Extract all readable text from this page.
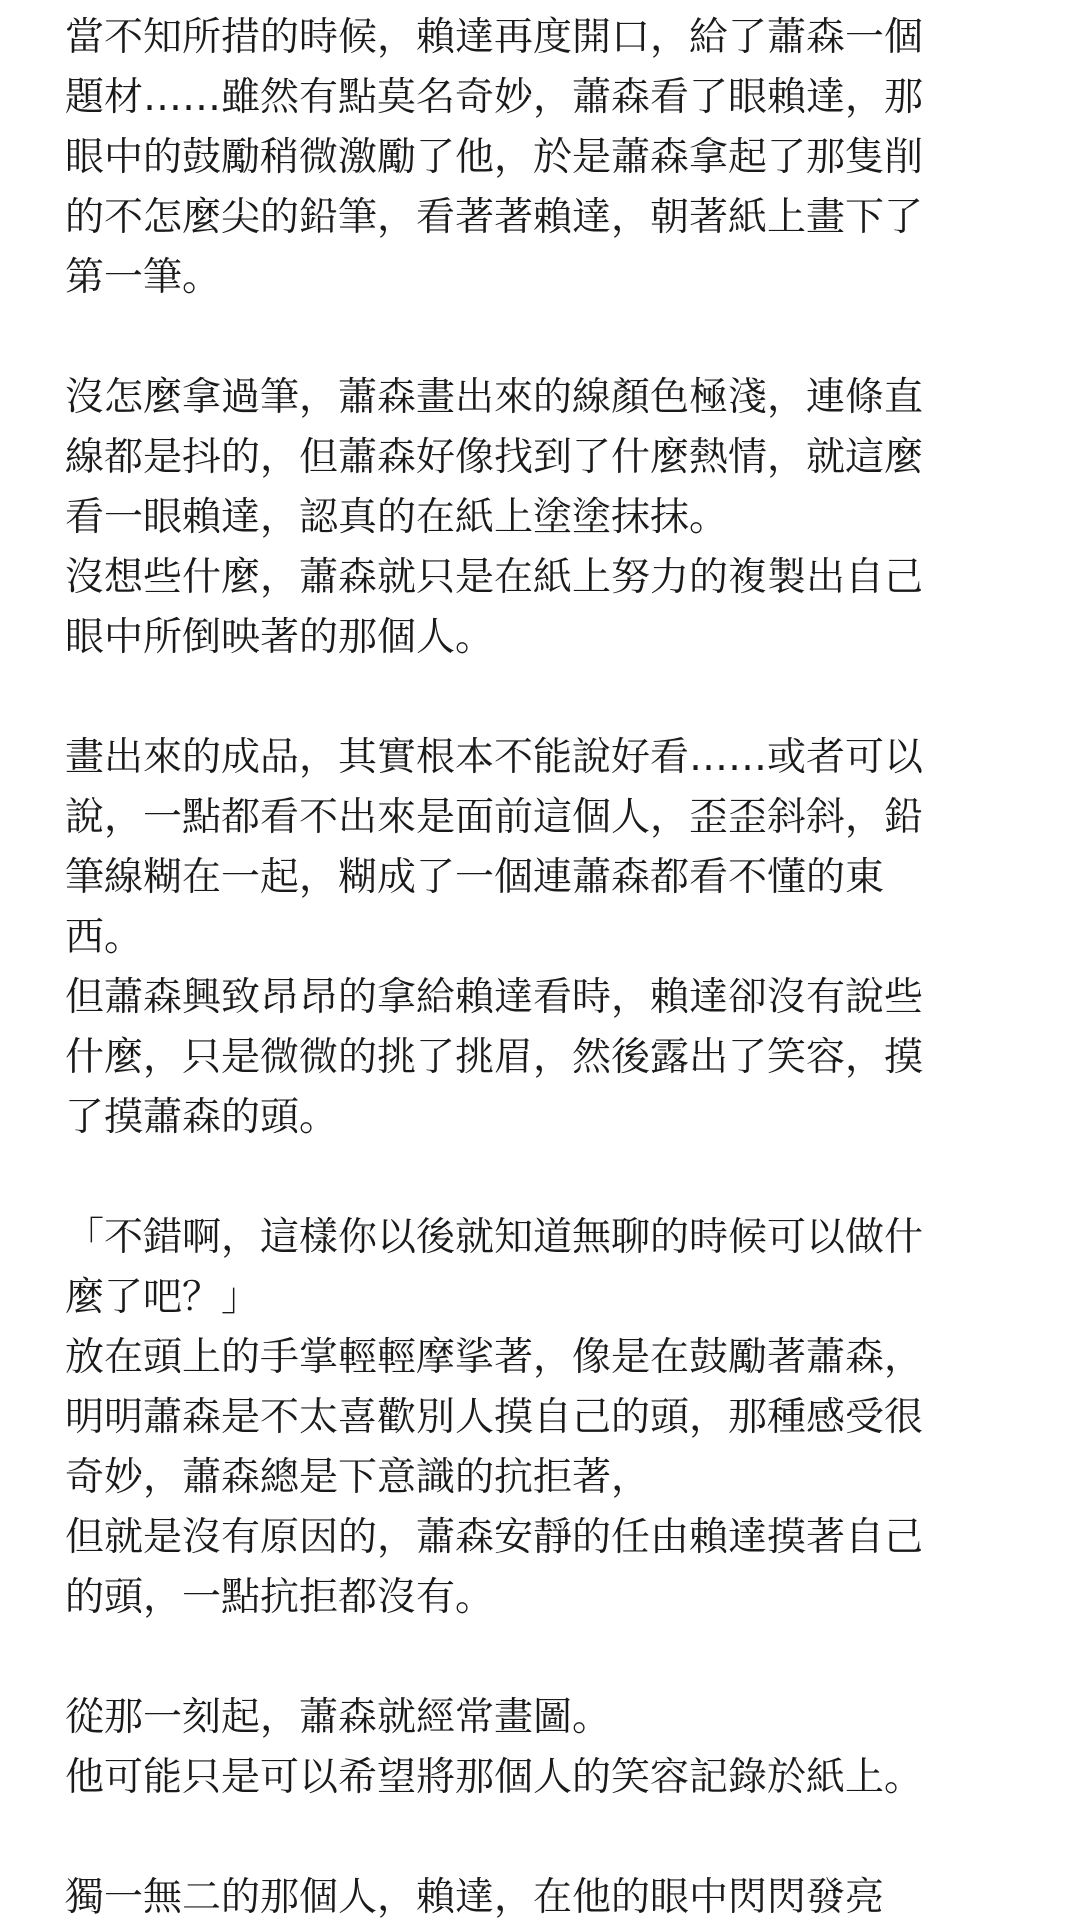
當不知所措的時候，賴達再度開口，給了蕭森一個
題材……雖然有點莫名奇妙，蕭森看了眼賴達，那
眼中的鼓勵稍微激勵了他，於是蕭森拿起了那隻削
的不怎麼尖的鉛筆，看著著賴達，朝著紙上畫下了
第一筆。
沒怎麼拿過筆，蕭森畫出來的線顏色極淺，連條直
線都是抖的，但蕭森好像找到了什麼熱情，就這麼
看一眼賴達，認真的在紙上塗塗抹抹。
沒想些什麼，蕭森就只是在紙上努力的複製出自己
眼中所倒映著的那個人。
畫出來的成品，其實根本不能說好看……或者可以
說，一點都看不出來是面前這個人，歪歪斜斜，鉛
筆線糊在一起，糊成了一個連蕭森都看不懂的東
西。
但蕭森興致昂昂的拿給賴達看時，賴達卻沒有說些
什麼，只是微微的挑了挑眉，然後露出了笑容，摸
了摸蕭森的頭。
「不錯啊，這樣你以後就知道無聊的時候可以做什
麼了吧？」
放在頭上的手掌輕輕摩挲著，像是在鼓勵著蕭森，
明明蕭森是不太喜歡別人摸自己的頭，那種感受很
奇妙，蕭森總是下意識的抗拒著，
但就是沒有原因的，蕭森安靜的任由賴達摸著自己
的頭，一點抗拒都沒有。
從那一刻起，蕭森就經常畫圖。
他可能只是可以希望將那個人的笑容記錄於紙上。
獨一無二的那個人，賴達，在他的眼中閃閃發亮
